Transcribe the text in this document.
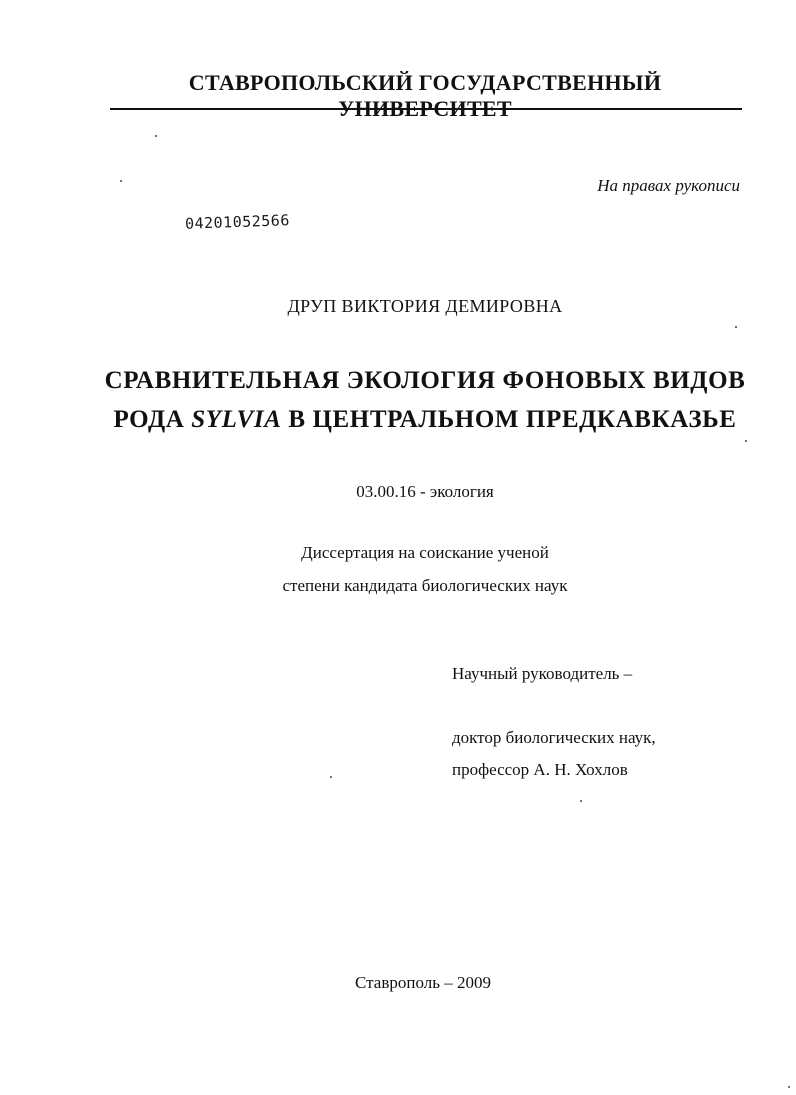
СТАВРОПОЛЬСКИЙ ГОСУДАРСТВЕННЫЙ УНИВЕРСИТЕТ
На правах рукописи
04201052566
ДРУП ВИКТОРИЯ ДЕМИРОВНА
СРАВНИТЕЛЬНАЯ ЭКОЛОГИЯ ФОНОВЫХ ВИДОВ
РОДА SYLVIA В ЦЕНТРАЛЬНОМ ПРЕДКАВКАЗЬЕ
03.00.16 - экология
Диссертация на соискание ученой
степени кандидата биологических наук
Научный руководитель –
доктор биологических наук,
профессор А. Н. Хохлов
Ставрополь – 2009
